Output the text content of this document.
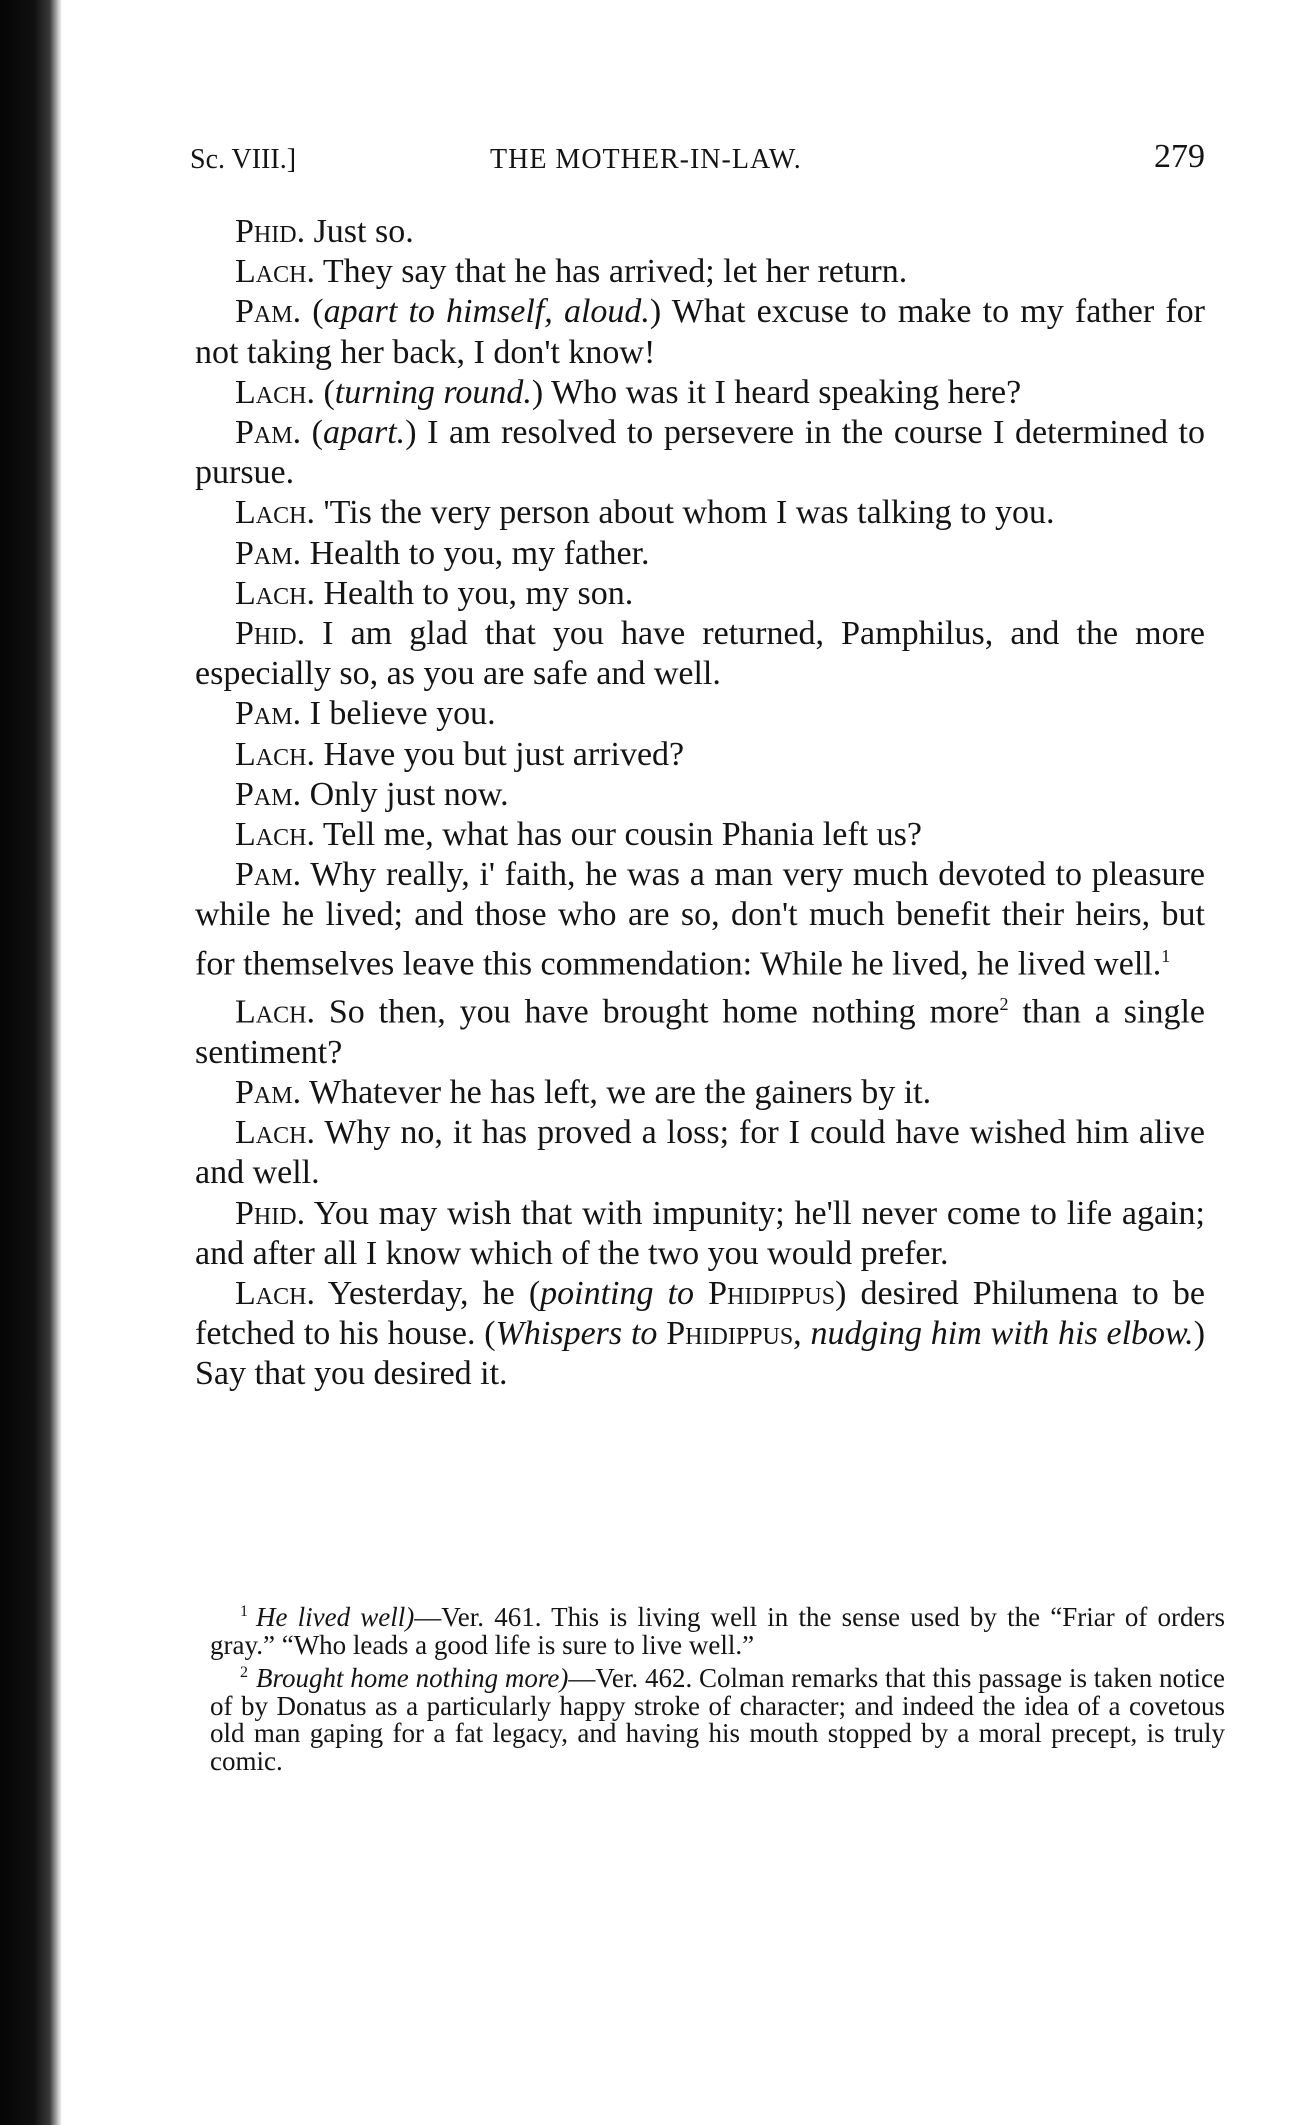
Sc. VIII.]	THE MOTHER-IN-LAW.	279

Phid. Just so.

Lach. They say that he has arrived; let her return.

Pam. (apart to himself, aloud.) What excuse to make to my father for not taking her back, I don't know!

Lach. (turning round.) Who was it I heard speaking here?

Pam. (apart.) I am resolved to persevere in the course I determined to pursue.

Lach. 'Tis the very person about whom I was talking to you.

Pam. Health to you, my father.

Lach. Health to you, my son.

Phid. I am glad that you have returned, Pamphilus, and the more especially so, as you are safe and well.

Pam. I believe you.

Lach. Have you but just arrived?

Pam. Only just now.

Lach. Tell me, what has our cousin Phania left us?

Pam. Why really, i' faith, he was a man very much devoted to pleasure while he lived; and those who are so, don't much benefit their heirs, but for themselves leave this commendation: While he lived, he lived well.$^1$

Lach. So then, you have brought home nothing more$^2$ than a single sentiment?

Pam. Whatever he has left, we are the gainers by it.

Lach. Why no, it has proved a loss; for I could have wished him alive and well.

Phid. You may wish that with impunity; he'll never come to life again; and after all I know which of the two you would prefer.

Lach. Yesterday, he (pointing to Phidippus) desired Philumena to be fetched to his house. (Whispers to Phidippus, nudging him with his elbow.) Say that you desired it.

$^1$ He lived well)—Ver. 461. This is living well in the sense used by the “Friar of orders gray.” “Who leads a good life is sure to live well.”

$^2$ Brought home nothing more)—Ver. 462. Colman remarks that this passage is taken notice of by Donatus as a particularly happy stroke of character; and indeed the idea of a covetous old man gaping for a fat legacy, and having his mouth stopped by a moral precept, is truly comic.
